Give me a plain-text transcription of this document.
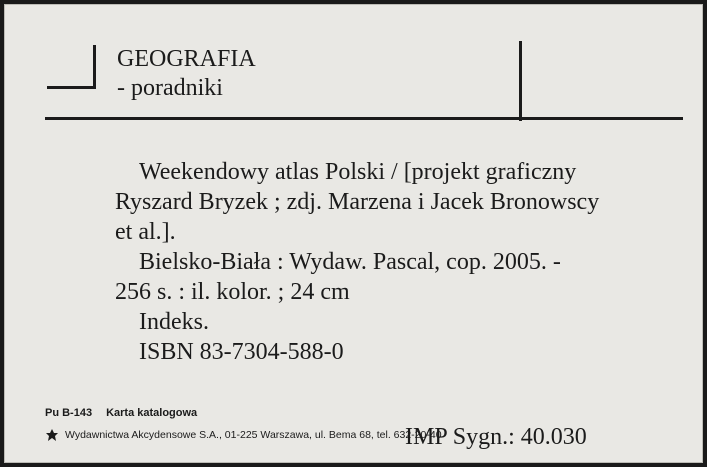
GEOGRAFIA
- poradniki
Weekendowy atlas Polski / [projekt graficzny
Ryszard Bryzek ; zdj. Marzena i Jacek Bronowscy
et al.].
Bielsko-Biała : Wydaw. Pascal, cop. 2005. -
256 s. : il. kolor. ; 24 cm
Indeks.
ISBN 83-7304-588-0
Pu B-143 Karta katalogowa
Wydawnictwa Akcydensowe S.A., 01-225 Warszawa, ul. Bema 68, tel. 632-20-40
IMP Sygn.: 40.030
